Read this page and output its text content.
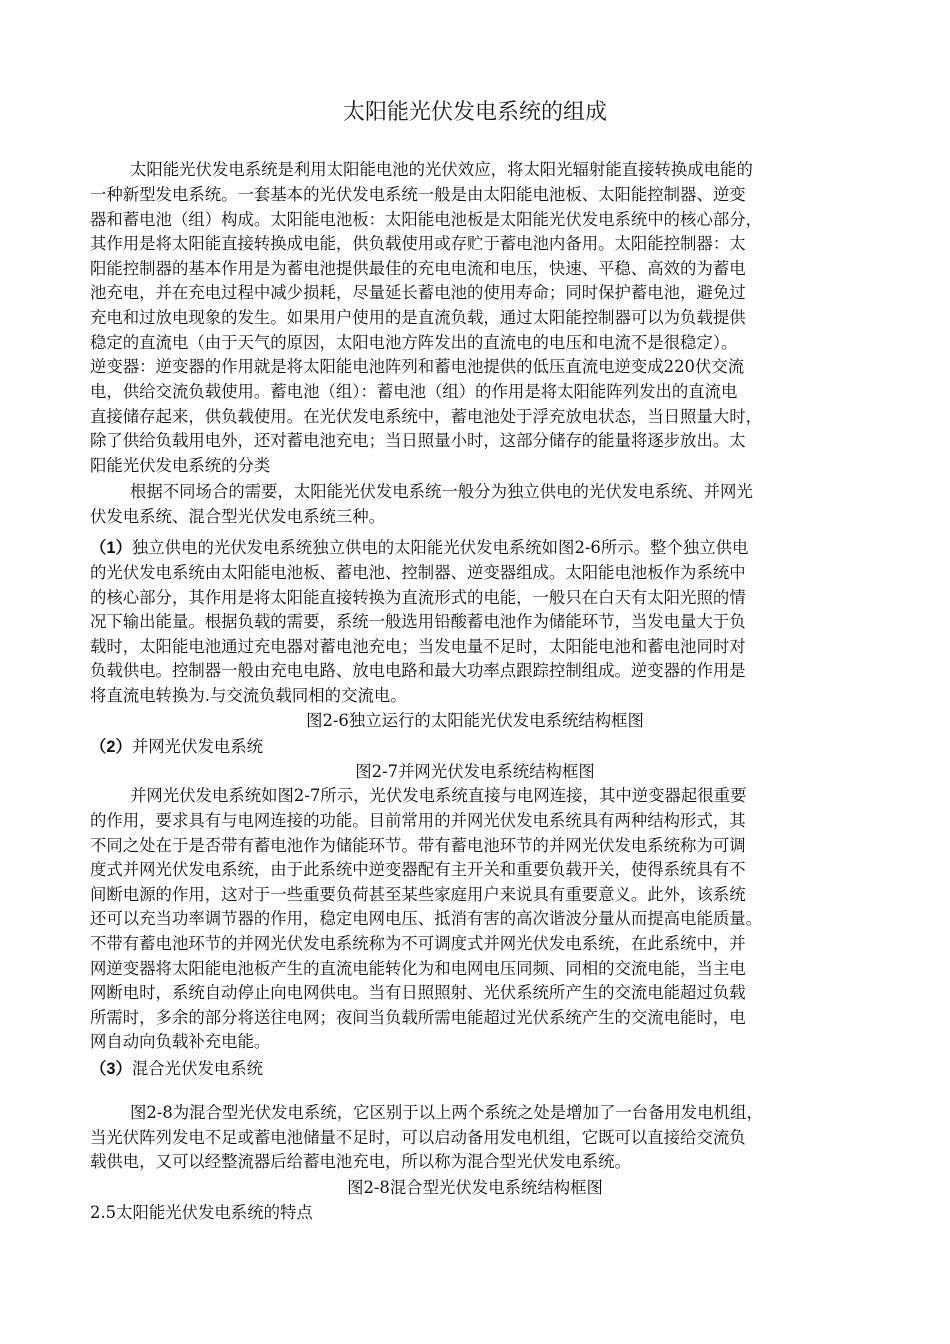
太阳能光伏发电系统的组成
太阳能光伏发电系统是利用太阳能电池的光伏效应，将太阳光辐射能直接转换成电能的
一种新型发电系统。一套基本的光伏发电系统一般是由太阳能电池板、太阳能控制器、逆变
器和蓄电池（组）构成。太阳能电池板：太阳能电池板是太阳能光伏发电系统中的核心部分，
其作用是将太阳能直接转换成电能，供负载使用或存贮于蓄电池内备用。太阳能控制器：太
阳能控制器的基本作用是为蓄电池提供最佳的充电电流和电压，快速、平稳、高效的为蓄电
池充电，并在充电过程中减少损耗，尽量延长蓄电池的使用寿命；同时保护蓄电池，避免过
充电和过放电现象的发生。如果用户使用的是直流负载，通过太阳能控制器可以为负载提供
稳定的直流电（由于天气的原因，太阳电池方阵发出的直流电的电压和电流不是很稳定）。
逆变器：逆变器的作用就是将太阳能电池阵列和蓄电池提供的低压直流电逆变成220伏交流
电，供给交流负载使用。蓄电池（组）：蓄电池（组）的作用是将太阳能阵列发出的直流电
直接储存起来，供负载使用。在光伏发电系统中，蓄电池处于浮充放电状态，当日照量大时，
除了供给负载用电外，还对蓄电池充电；当日照量小时，这部分储存的能量将逐步放出。太
阳能光伏发电系统的分类
根据不同场合的需要，太阳能光伏发电系统一般分为独立供电的光伏发电系统、并网光
伏发电系统、混合型光伏发电系统三种。
（1）独立供电的光伏发电系统独立供电的太阳能光伏发电系统如图2-6所示。整个独立供电
的光伏发电系统由太阳能电池板、蓄电池、控制器、逆变器组成。太阳能电池板作为系统中
的核心部分，其作用是将太阳能直接转换为直流形式的电能，一般只在白天有太阳光照的情
况下输出能量。根据负载的需要，系统一般选用铅酸蓄电池作为储能环节，当发电量大于负
载时，太阳能电池通过充电器对蓄电池充电；当发电量不足时，太阳能电池和蓄电池同时对
负载供电。控制器一般由充电电路、放电电路和最大功率点跟踪控制组成。逆变器的作用是
将直流电转换为.与交流负载同相的交流电。
图2-6独立运行的太阳能光伏发电系统结构框图
（2）并网光伏发电系统
图2-7并网光伏发电系统结构框图
并网光伏发电系统如图2-7所示，光伏发电系统直接与电网连接，其中逆变器起很重要
的作用，要求具有与电网连接的功能。目前常用的并网光伏发电系统具有两种结构形式，其
不同之处在于是否带有蓄电池作为储能环节。带有蓄电池环节的并网光伏发电系统称为可调
度式并网光伏发电系统，由于此系统中逆变器配有主开关和重要负载开关，使得系统具有不
间断电源的作用，这对于一些重要负荷甚至某些家庭用户来说具有重要意义。此外，该系统
还可以充当功率调节器的作用，稳定电网电压、抵消有害的高次谐波分量从而提高电能质量。
不带有蓄电池环节的并网光伏发电系统称为不可调度式并网光伏发电系统，在此系统中，并
网逆变器将太阳能电池板产生的直流电能转化为和电网电压同频、同相的交流电能，当主电
网断电时，系统自动停止向电网供电。当有日照照射、光伏系统所产生的交流电能超过负载
所需时，多余的部分将送往电网；夜间当负载所需电能超过光伏系统产生的交流电能时，电
网自动向负载补充电能。
（3）混合光伏发电系统
图2-8为混合型光伏发电系统，它区别于以上两个系统之处是增加了一台备用发电机组，
当光伏阵列发电不足或蓄电池储量不足时，可以启动备用发电机组，它既可以直接给交流负
载供电，又可以经整流器后给蓄电池充电，所以称为混合型光伏发电系统。
图2-8混合型光伏发电系统结构框图
2.5太阳能光伏发电系统的特点
